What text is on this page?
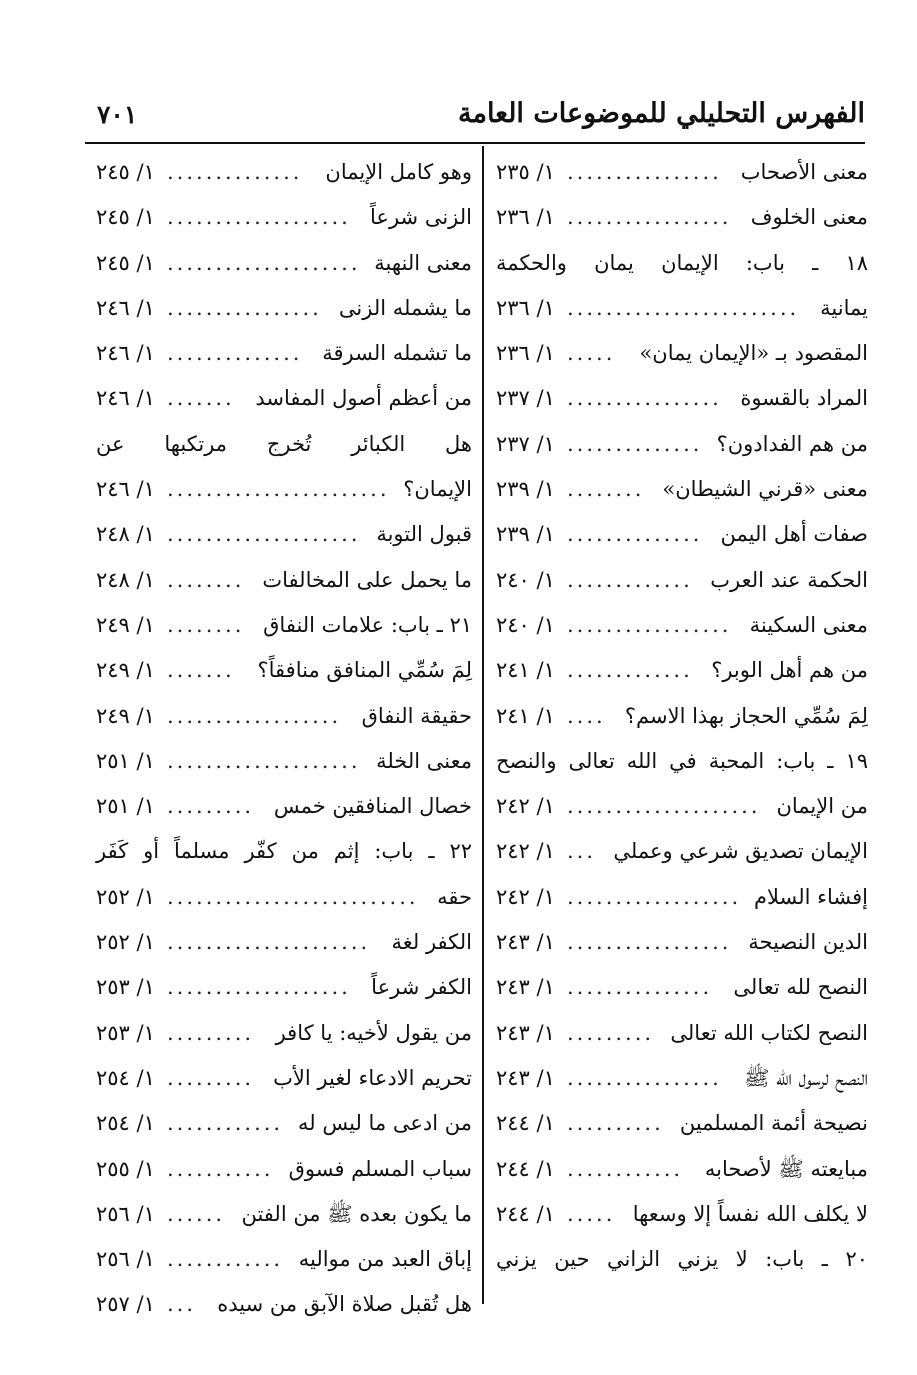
الفهرس التحليلي للموضوعات العامة
٧٠١
معنى الأصحاب
................
١/ ٢٣٥
معنى الخلوف
.................
١/ ٢٣٦
١٨ ـ باب: الإيمان يمان والحكمة
يمانية
........................
١/ ٢٣٦
المقصود بـ «الإيمان يمان»
.....
١/ ٢٣٦
المراد بالقسوة
................
١/ ٢٣٧
من هم الفدادون؟
..............
١/ ٢٣٧
معنى «قرني الشيطان»
........
١/ ٢٣٩
صفات أهل اليمن
..............
١/ ٢٣٩
الحكمة عند العرب
.............
١/ ٢٤٠
معنى السكينة
.................
١/ ٢٤٠
من هم أهل الوبر؟
.............
١/ ٢٤١
لِمَ سُمِّي الحجاز بهذا الاسم؟
....
١/ ٢٤١
١٩ ـ باب: المحبة في الله تعالى والنصح
من الإيمان
....................
١/ ٢٤٢
الإيمان تصديق شرعي وعملي
...
١/ ٢٤٢
إفشاء السلام
..................
١/ ٢٤٢
الدين النصيحة
.................
١/ ٢٤٣
النصح لله تعالى
...............
١/ ٢٤٣
النصح لكتاب الله تعالى
.........
١/ ٢٤٣
النصح لرسول الله ﷺ
................
١/ ٢٤٣
نصيحة أئمة المسلمين
..........
١/ ٢٤٤
مبايعته ﷺ لأصحابه
............
١/ ٢٤٤
لا يكلف الله نفساً إلا وسعها
.....
١/ ٢٤٤
٢٠ ـ باب: لا يزني الزاني حين يزني
وهو كامل الإيمان
..............
١/ ٢٤٥
الزنى شرعاً
...................
١/ ٢٤٥
معنى النهبة
....................
١/ ٢٤٥
ما يشمله الزنى
................
١/ ٢٤٦
ما تشمله السرقة
..............
١/ ٢٤٦
من أعظم أصول المفاسد
.......
١/ ٢٤٦
هل الكبائر تُخرج مرتكبها عن
الإيمان؟
.......................
١/ ٢٤٦
قبول التوبة
....................
١/ ٢٤٨
ما يحمل على المخالفات
........
١/ ٢٤٨
٢١ ـ باب: علامات النفاق
........
١/ ٢٤٩
لِمَ سُمِّي المنافق منافقاً؟
.......
١/ ٢٤٩
حقيقة النفاق
..................
١/ ٢٤٩
معنى الخلة
....................
١/ ٢٥١
خصال المنافقين خمس
.........
١/ ٢٥١
٢٢ ـ باب: إثم من كفّر مسلماً أو كَفَر
حقه
..........................
١/ ٢٥٢
الكفر لغة
.....................
١/ ٢٥٢
الكفر شرعاً
...................
١/ ٢٥٣
من يقول لأخيه: يا كافر
.........
١/ ٢٥٣
تحريم الادعاء لغير الأب
.........
١/ ٢٥٤
من ادعى ما ليس له
............
١/ ٢٥٤
سباب المسلم فسوق
...........
١/ ٢٥٥
ما يكون بعده ﷺ من الفتن
......
١/ ٢٥٦
إباق العبد من مواليه
............
١/ ٢٥٦
هل تُقبل صلاة الآبق من سيده
...
١/ ٢٥٧
